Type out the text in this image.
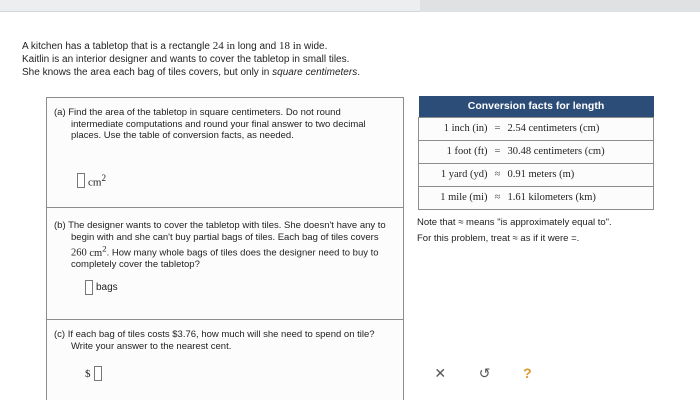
A kitchen has a tabletop that is a rectangle 24 in long and 18 in wide.
Kaitlin is an interior designer and wants to cover the tabletop in small tiles.
She knows the area each bag of tiles covers, but only in square centimeters.
(a) Find the area of the tabletop in square centimeters. Do not round intermediate computations and round your final answer to two decimal places. Use the table of conversion facts, as needed.
$cm^2$
(b) The designer wants to cover the tabletop with tiles. She doesn't have any to begin with and she can't buy partial bags of tiles. Each bag of tiles covers 260 $cm^2$. How many whole bags of tiles does the designer need to buy to completely cover the tabletop?
bags
(c) If each bag of tiles costs $3.76, how much will she need to spend on tile? Write your answer to the nearest cent.
$
Conversion facts for length		
1 inch (in)	=	2.54 centimeters (cm)
1 foot (ft)	=	30.48 centimeters (cm)
1 yard (yd)	≈	0.91 meters (m)
1 mile (mi)	≈	1.61 kilometers (km)
Note that ≈ means "is approximately equal to".
For this problem, treat ≈ as if it were =.
✕ ↺ ?
